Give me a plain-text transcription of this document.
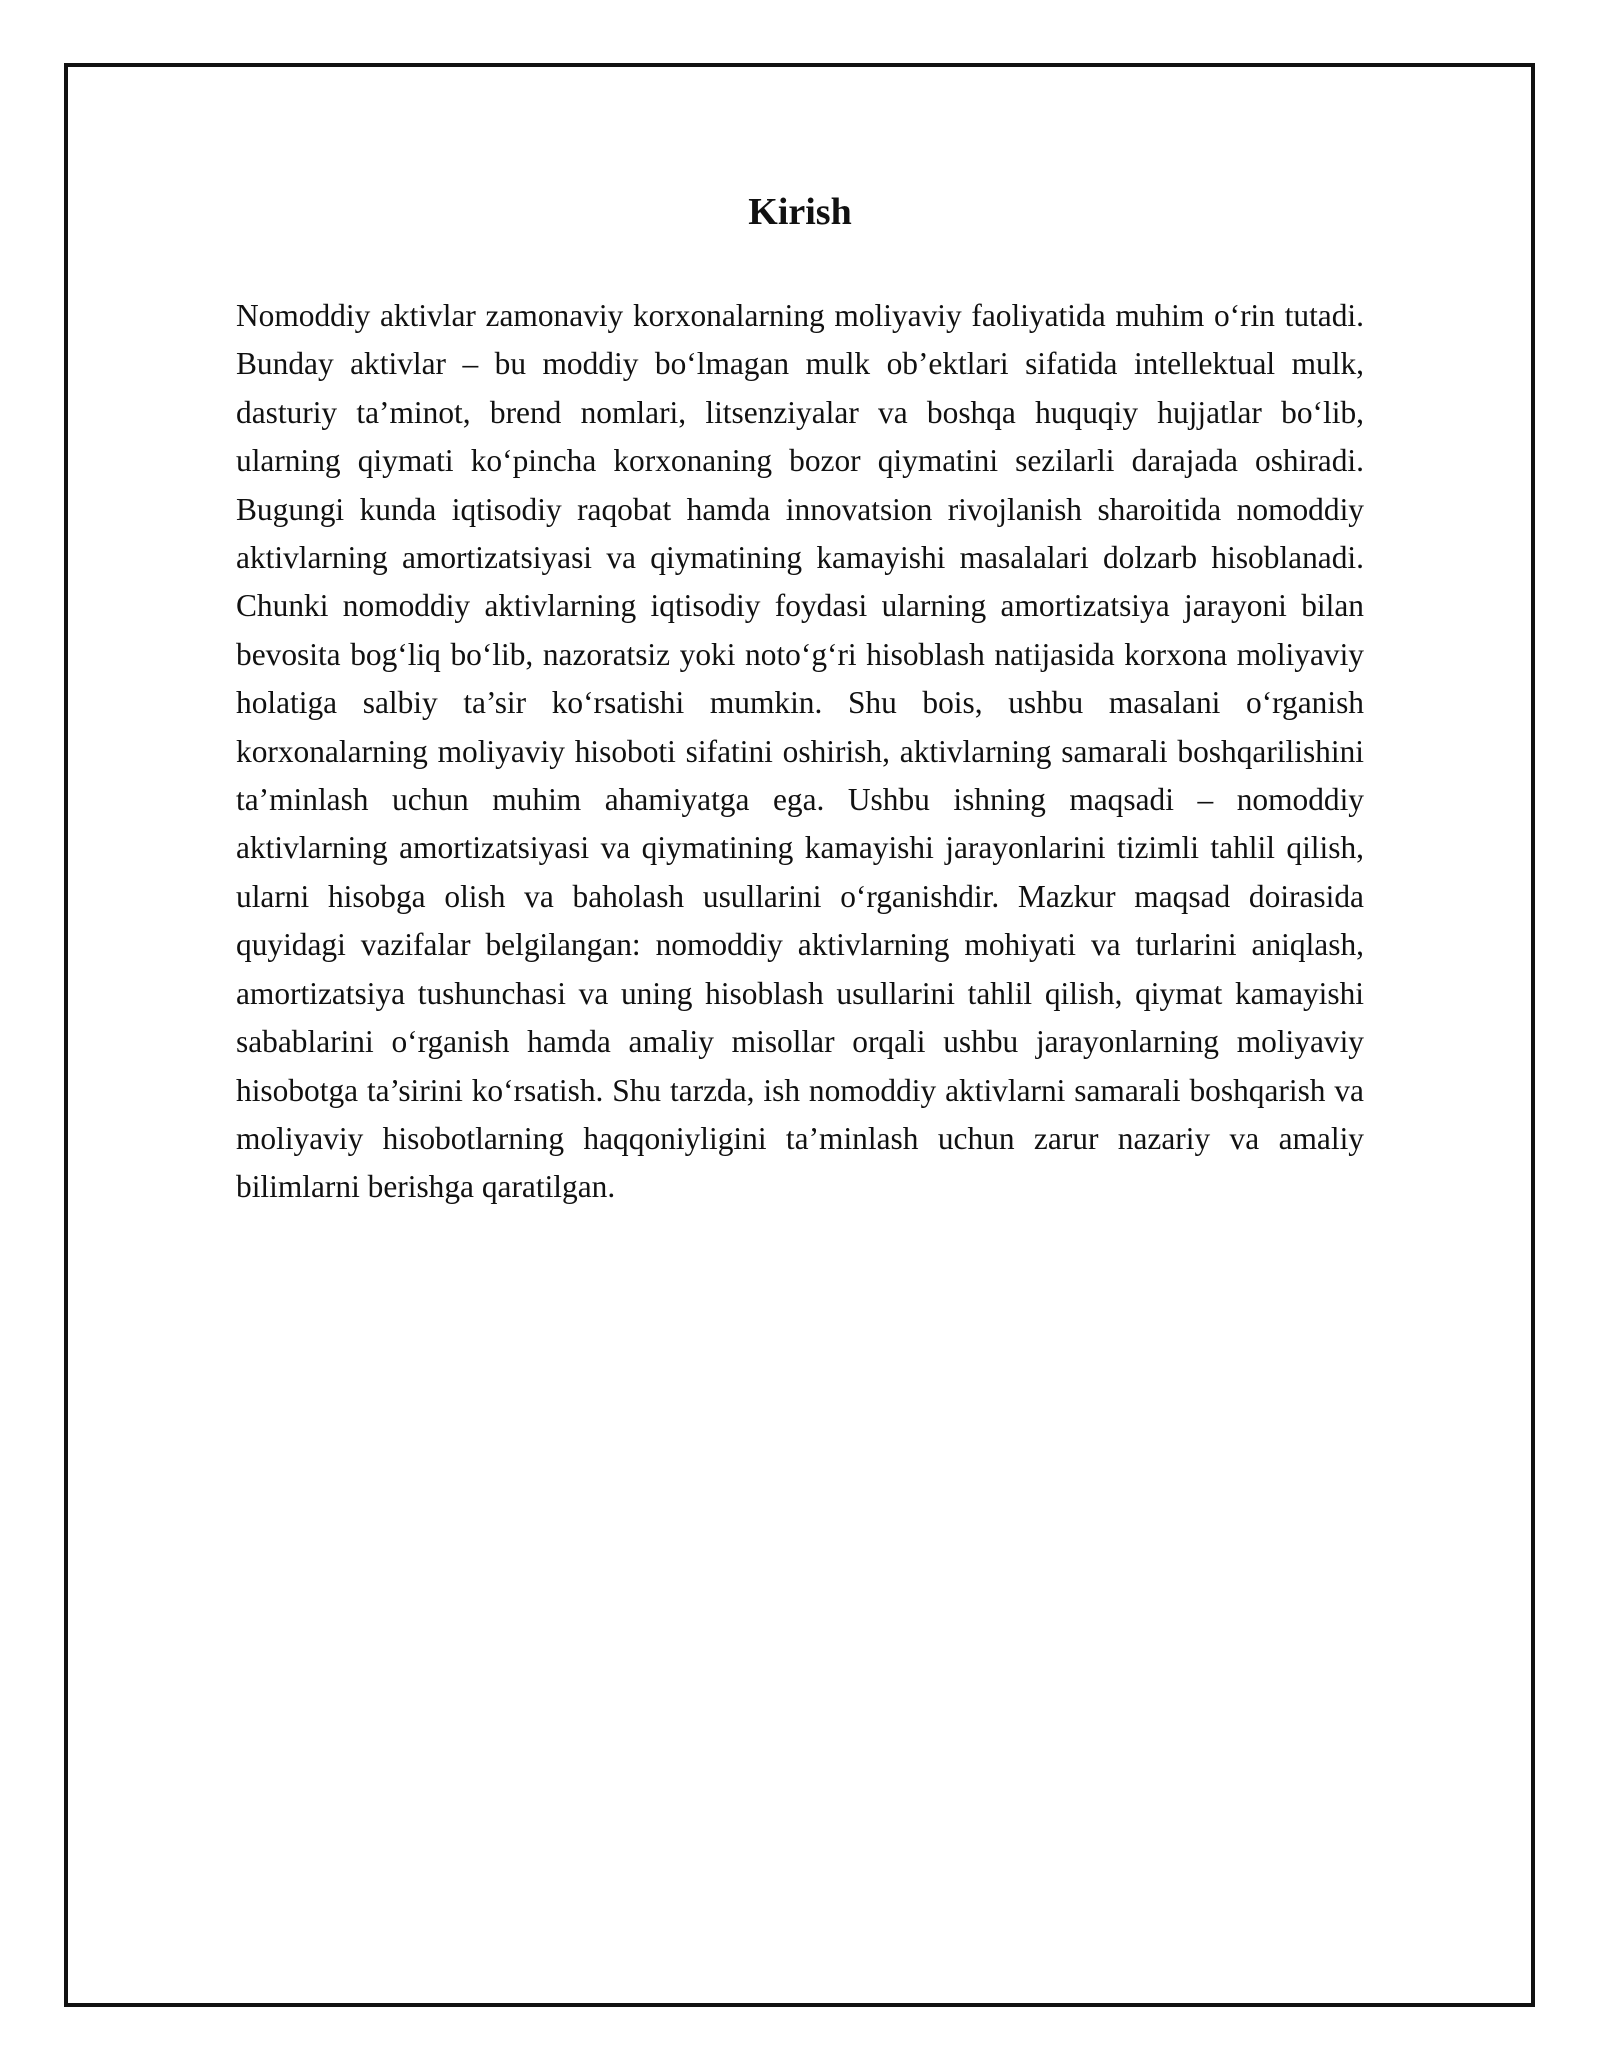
Kirish

Nomoddiy aktivlar zamonaviy korxonalarning moliyaviy faoliyatida muhim o‘rin tutadi. Bunday aktivlar – bu moddiy bo‘lmagan mulk ob’ektlari sifatida intellektual mulk, dasturiy ta’minot, brend nomlari, litsenziyalar va boshqa huquqiy hujjatlar bo‘lib, ularning qiymati ko‘pincha korxonaning bozor qiymatini sezilarli darajada oshiradi. Bugungi kunda iqtisodiy raqobat hamda innovatsion rivojlanish sharoitida nomoddiy aktivlarning amortizatsiyasi va qiymatining kamayishi masalalari dolzarb hisoblanadi. Chunki nomoddiy aktivlarning iqtisodiy foydasi ularning amortizatsiya jarayoni bilan bevosita bog‘liq bo‘lib, nazoratsiz yoki noto‘g‘ri hisoblash natijasida korxona moliyaviy holatiga salbiy ta’sir ko‘rsatishi mumkin. Shu bois, ushbu masalani o‘rganish korxonalarning moliyaviy hisoboti sifatini oshirish, aktivlarning samarali boshqarilishini ta’minlash uchun muhim ahamiyatga ega. Ushbu ishning maqsadi – nomoddiy aktivlarning amortizatsiyasi va qiymatining kamayishi jarayonlarini tizimli tahlil qilish, ularni hisobga olish va baholash usullarini o‘rganishdir. Mazkur maqsad doirasida quyidagi vazifalar belgilangan: nomoddiy aktivlarning mohiyati va turlarini aniqlash, amortizatsiya tushunchasi va uning hisoblash usullarini tahlil qilish, qiymat kamayishi sabablarini o‘rganish hamda amaliy misollar orqali ushbu jarayonlarning moliyaviy hisobotga ta’sirini ko‘rsatish. Shu tarzda, ish nomoddiy aktivlarni samarali boshqarish va moliyaviy hisobotlarning haqqoniyligini ta’minlash uchun zarur nazariy va amaliy bilimlarni berishga qaratilgan.
